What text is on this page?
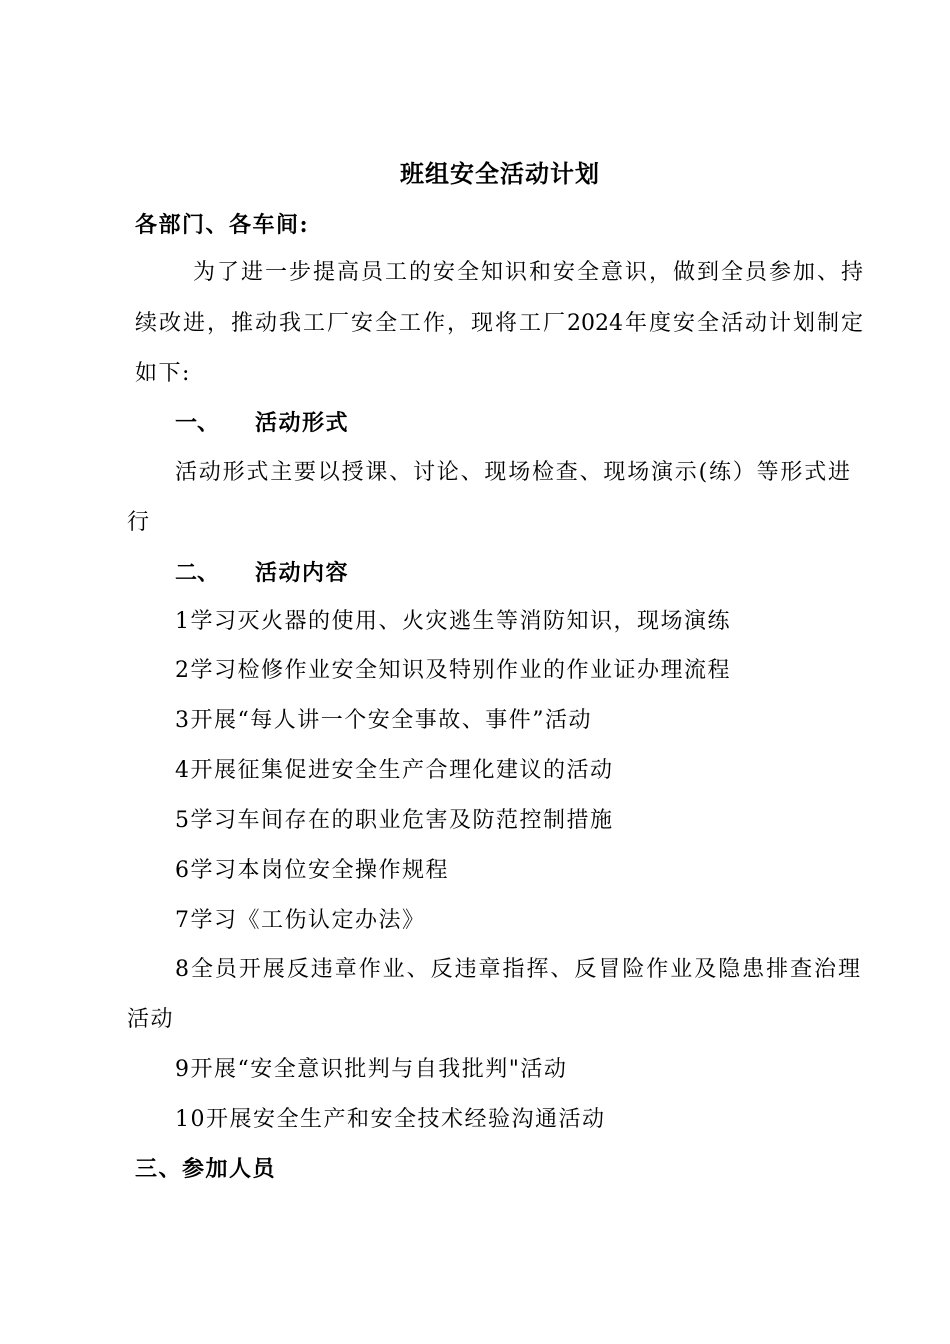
班组安全活动计划
各部门、各车间:
为了进一步提高员工的安全知识和安全意识，做到全员参加、持
续改进，推动我工厂安全工作，现将工厂2024年度安全活动计划制定
如下:
一、 活动形式
活动形式主要以授课、讨论、现场检查、现场演示(练）等形式进
行
二、 活动内容
1学习灭火器的使用、火灾逃生等消防知识，现场演练
2学习检修作业安全知识及特别作业的作业证办理流程
3开展“每人讲一个安全事故、事件”活动
4开展征集促进安全生产合理化建议的活动
5学习车间存在的职业危害及防范控制措施
6学习本岗位安全操作规程
7学习《工伤认定办法》
8全员开展反违章作业、反违章指挥、反冒险作业及隐患排查治理
活动
9开展“安全意识批判与自我批判"活动
10开展安全生产和安全技术经验沟通活动
三、参加人员
